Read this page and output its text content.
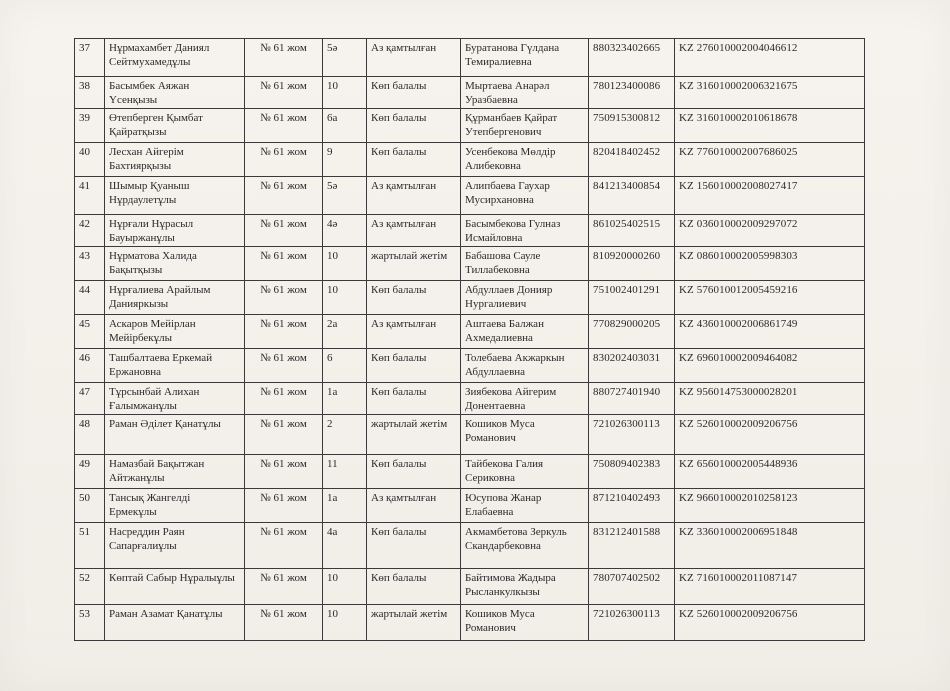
37	Нұрмахамбет Даниял Сейтмухамедұлы	№ 61 жом	5ә	Аз қамтылған	Буратанова Гүлдана Темиралиевна	880323402665	KZ 276010002004046612
38	Басымбек Аяжан Үсенқызы	№ 61 жом	10	Көп балалы	Мыртаева Анарәл Уразбаевна	780123400086	KZ 316010002006321675
39	Өтепберген Қымбат Қайратқызы	№ 61 жом	6а	Көп балалы	Құрманбаев Қайрат Утепбергенович	750915300812	KZ 316010002010618678
40	Лесхан Айгерім Бахтиярқызы	№ 61 жом	9	Көп балалы	Усенбекова Мөлдір Алибековна	820418402452	KZ 776010002007686025
41	Шымыр Қуаныш Нұрдаулетұлы	№ 61 жом	5ә	Аз қамтылған	Алипбаева Гаухар Мусирхановна	841213400854	KZ 156010002008027417
42	Нұрғали Нұрасыл Бауыржанұлы	№ 61 жом	4ә	Аз қамтылған	Басымбекова Гулназ Исмайловна	861025402515	KZ 036010002009297072
43	Нұрматова Халида Бақытқызы	№ 61 жом	10	жартылай жетім	Бабашова Сауле Тиллабековна	810920000260	KZ 086010002005998303
44	Нұрғалиева Арайлым Данияркызы	№ 61 жом	10	Көп балалы	Абдуллаев Донияр Нургалиевич	751002401291	KZ 576010012005459216
45	Аскаров Мейірлан Мейірбекұлы	№ 61 жом	2а	Аз қамтылған	Аштаева Балжан Ахмедалиевна	770829000205	KZ 436010002006861749
46	Ташбалтаева Еркемай Ержановна	№ 61 жом	6	Көп балалы	Толебаева Акжаркын Абдуллаевна	830202403031	KZ 696010002009464082
47	Тұрсынбай Алихан Ғалымжанұлы	№ 61 жом	1а	Көп балалы	Зиябекова Айгерим Донентаевна	880727401940	KZ 956014753000028201
48	Раман Әділет Қанатұлы	№ 61 жом	2	жартылай жетім	Кошиков Муса Романович	721026300113	KZ 526010002009206756
49	Намазбай Бақытжан Айтжанұлы	№ 61 жом	11	Көп балалы	Тайбекова Галия Сериковна	750809402383	KZ 656010002005448936
50	Тансық Жангелді Ермекұлы	№ 61 жом	1а	Аз қамтылған	Юсупова Жанар Елабаевна	871210402493	KZ 966010002010258123
51	Насреддин Раян Сапарғалиұлы	№ 61 жом	4а	Көп балалы	Акмамбетова Зеркуль Скандарбековна	831212401588	KZ 336010002006951848
52	Көптай Сабыр Нұралыұлы	№ 61 жом	10	Көп балалы	Байтимова Жадыра Рысланкулкызы	780707402502	KZ 716010002011087147
53	Раман Азамат Қанатұлы	№ 61 жом	10	жартылай жетім	Кошиков Муса Романович	721026300113	KZ 526010002009206756
